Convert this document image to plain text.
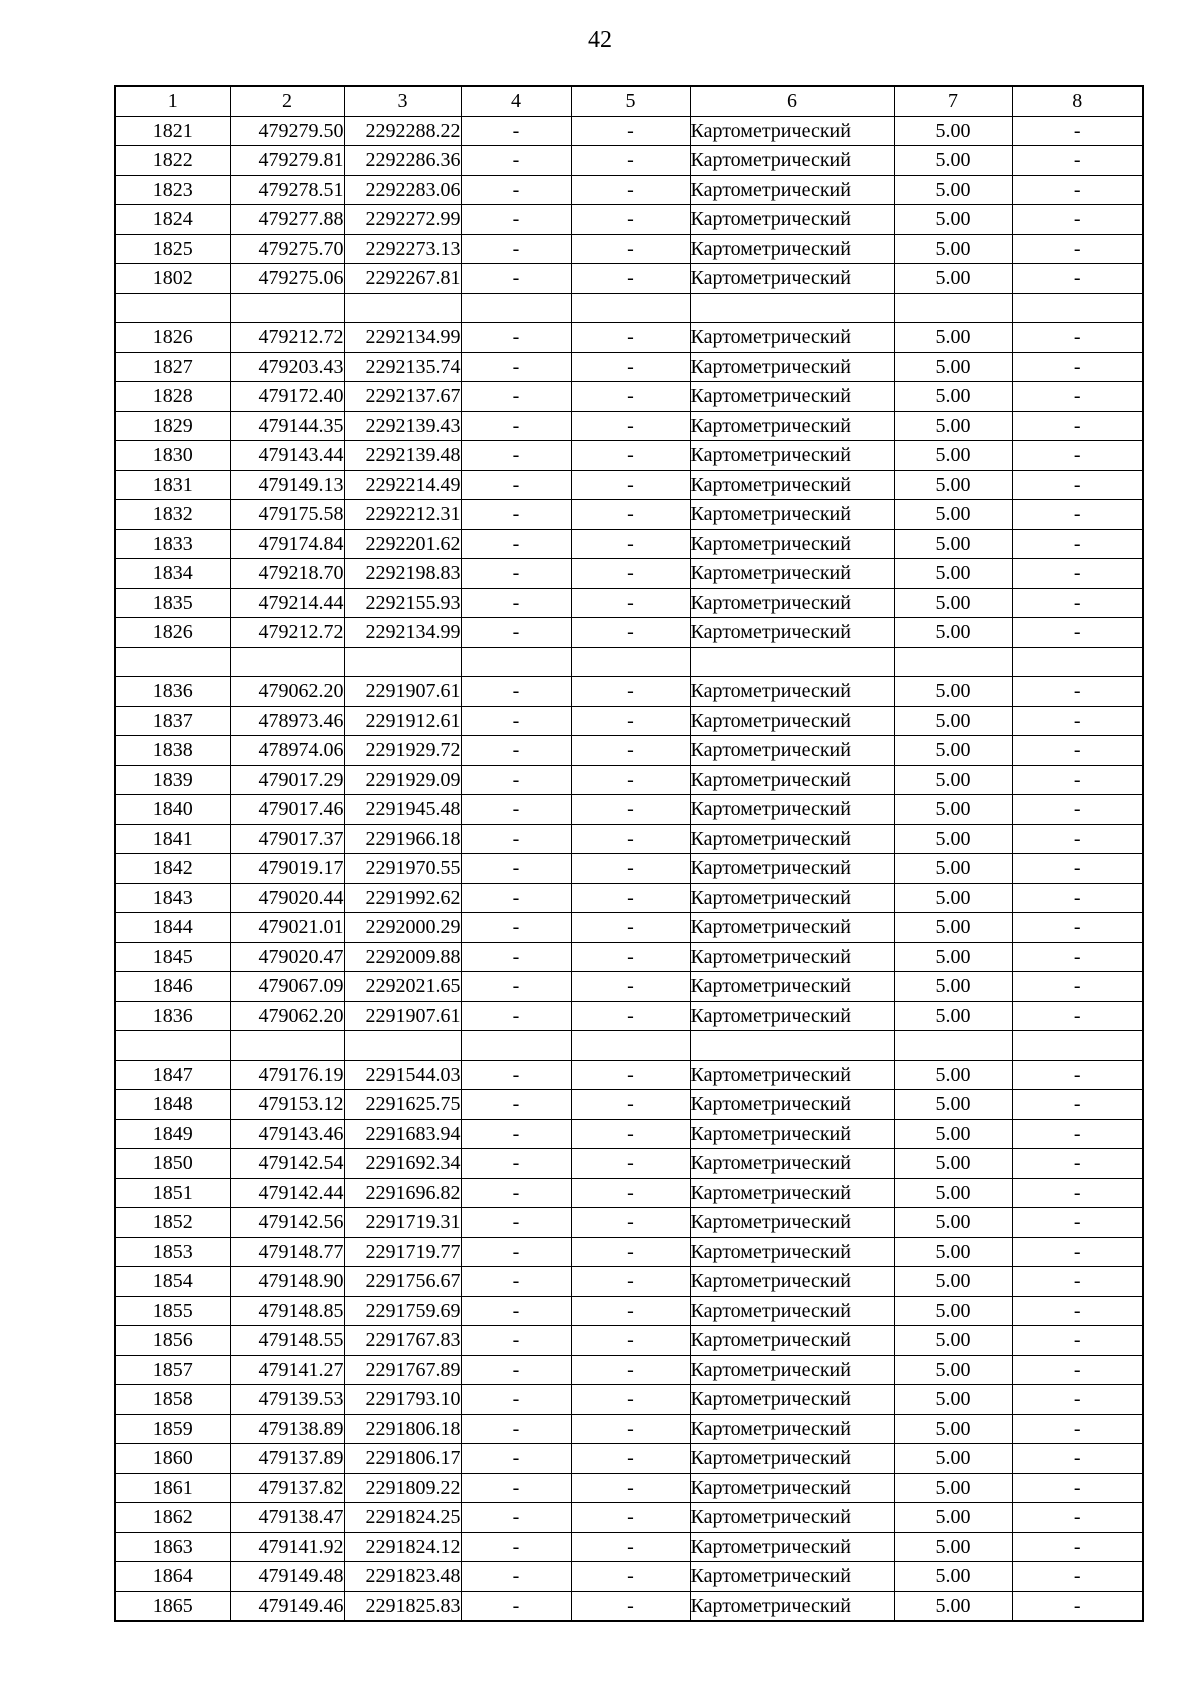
42
1	2	3	4	5	6	7	8
1821	479279.50	2292288.22	-	-	Картометрический	5.00	-
1822	479279.81	2292286.36	-	-	Картометрический	5.00	-
1823	479278.51	2292283.06	-	-	Картометрический	5.00	-
1824	479277.88	2292272.99	-	-	Картометрический	5.00	-
1825	479275.70	2292273.13	-	-	Картометрический	5.00	-
1802	479275.06	2292267.81	-	-	Картометрический	5.00	-

1826	479212.72	2292134.99	-	-	Картометрический	5.00	-
1827	479203.43	2292135.74	-	-	Картометрический	5.00	-
1828	479172.40	2292137.67	-	-	Картометрический	5.00	-
1829	479144.35	2292139.43	-	-	Картометрический	5.00	-
1830	479143.44	2292139.48	-	-	Картометрический	5.00	-
1831	479149.13	2292214.49	-	-	Картометрический	5.00	-
1832	479175.58	2292212.31	-	-	Картометрический	5.00	-
1833	479174.84	2292201.62	-	-	Картометрический	5.00	-
1834	479218.70	2292198.83	-	-	Картометрический	5.00	-
1835	479214.44	2292155.93	-	-	Картометрический	5.00	-
1826	479212.72	2292134.99	-	-	Картометрический	5.00	-

1836	479062.20	2291907.61	-	-	Картометрический	5.00	-
1837	478973.46	2291912.61	-	-	Картометрический	5.00	-
1838	478974.06	2291929.72	-	-	Картометрический	5.00	-
1839	479017.29	2291929.09	-	-	Картометрический	5.00	-
1840	479017.46	2291945.48	-	-	Картометрический	5.00	-
1841	479017.37	2291966.18	-	-	Картометрический	5.00	-
1842	479019.17	2291970.55	-	-	Картометрический	5.00	-
1843	479020.44	2291992.62	-	-	Картометрический	5.00	-
1844	479021.01	2292000.29	-	-	Картометрический	5.00	-
1845	479020.47	2292009.88	-	-	Картометрический	5.00	-
1846	479067.09	2292021.65	-	-	Картометрический	5.00	-
1836	479062.20	2291907.61	-	-	Картометрический	5.00	-

1847	479176.19	2291544.03	-	-	Картометрический	5.00	-
1848	479153.12	2291625.75	-	-	Картометрический	5.00	-
1849	479143.46	2291683.94	-	-	Картометрический	5.00	-
1850	479142.54	2291692.34	-	-	Картометрический	5.00	-
1851	479142.44	2291696.82	-	-	Картометрический	5.00	-
1852	479142.56	2291719.31	-	-	Картометрический	5.00	-
1853	479148.77	2291719.77	-	-	Картометрический	5.00	-
1854	479148.90	2291756.67	-	-	Картометрический	5.00	-
1855	479148.85	2291759.69	-	-	Картометрический	5.00	-
1856	479148.55	2291767.83	-	-	Картометрический	5.00	-
1857	479141.27	2291767.89	-	-	Картометрический	5.00	-
1858	479139.53	2291793.10	-	-	Картометрический	5.00	-
1859	479138.89	2291806.18	-	-	Картометрический	5.00	-
1860	479137.89	2291806.17	-	-	Картометрический	5.00	-
1861	479137.82	2291809.22	-	-	Картометрический	5.00	-
1862	479138.47	2291824.25	-	-	Картометрический	5.00	-
1863	479141.92	2291824.12	-	-	Картометрический	5.00	-
1864	479149.48	2291823.48	-	-	Картометрический	5.00	-
1865	479149.46	2291825.83	-	-	Картометрический	5.00	-
